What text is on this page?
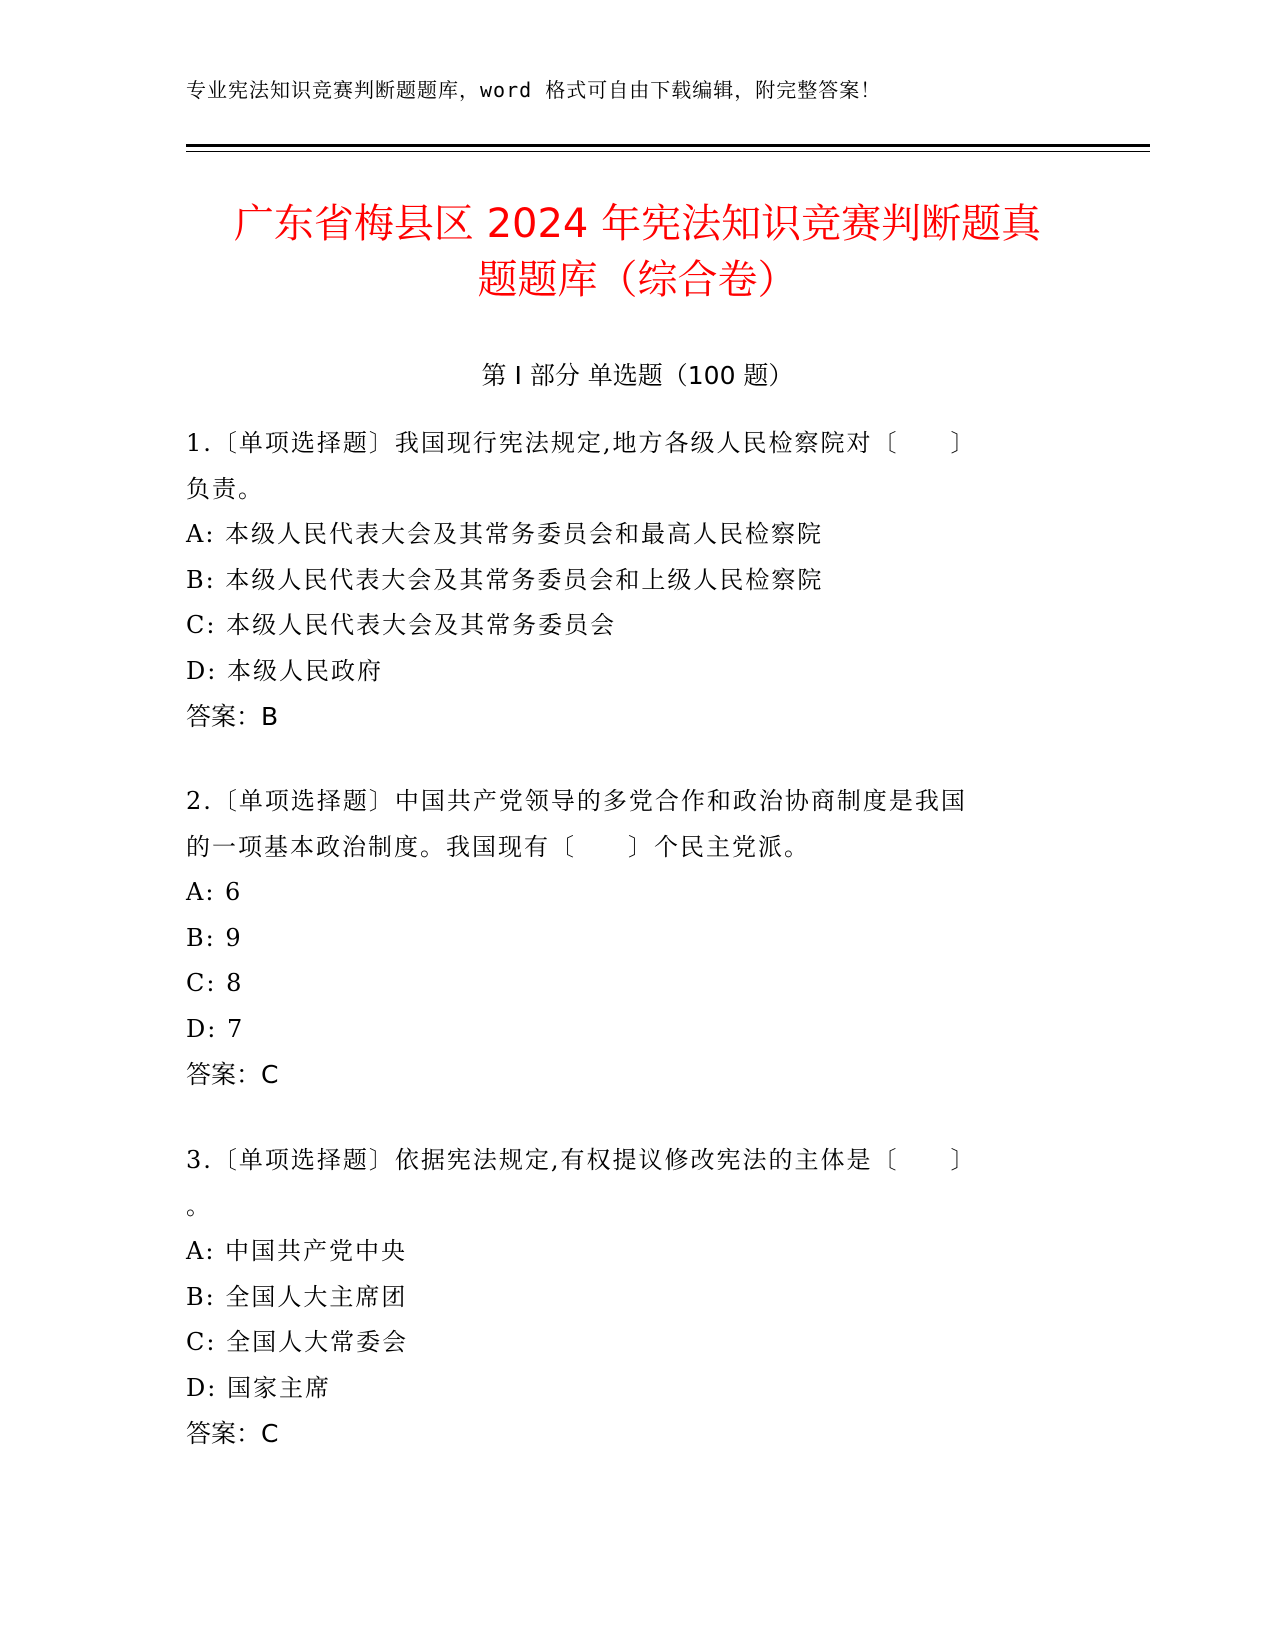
专业宪法知识竞赛判断题题库，word 格式可自由下载编辑，附完整答案！
广东省梅县区 2024 年宪法知识竞赛判断题真
题题库（综合卷）
第 I 部分 单选题（100 题）
1.〔单项选择题〕我国现行宪法规定,地方各级人民检察院对〔　　〕
负责。
A: 本级人民代表大会及其常务委员会和最高人民检察院
B: 本级人民代表大会及其常务委员会和上级人民检察院
C: 本级人民代表大会及其常务委员会
D: 本级人民政府
答案：B
2.〔单项选择题〕中国共产党领导的多党合作和政治协商制度是我国
的一项基本政治制度。我国现有〔　　〕个民主党派。
A: 6
B: 9
C: 8
D: 7
答案：C
3.〔单项选择题〕依据宪法规定,有权提议修改宪法的主体是〔　　〕
。
A: 中国共产党中央
B: 全国人大主席团
C: 全国人大常委会
D: 国家主席
答案：C
